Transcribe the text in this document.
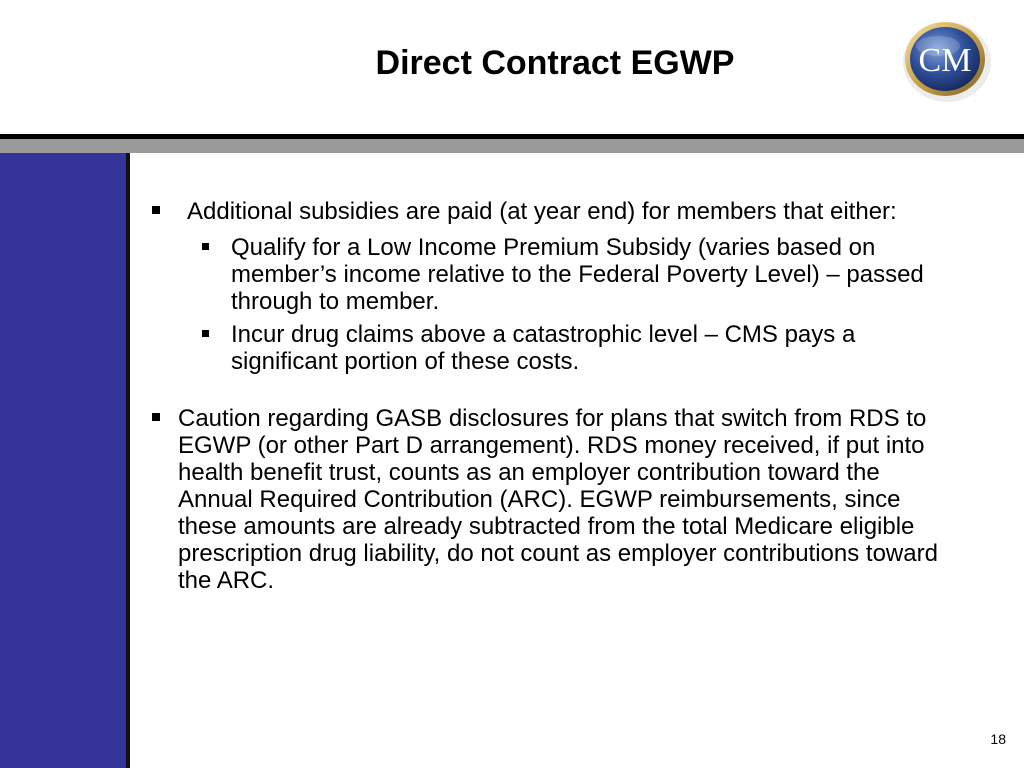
Direct Contract EGWP	CM
Additional subsidies are paid (at year end) for members that either:
Qualify for a Low Income Premium Subsidy (varies based on member’s income relative to the Federal Poverty Level) – passed through to member.
Incur drug claims above a catastrophic level – CMS pays a significant portion of these costs.
Caution regarding GASB disclosures for plans that switch from RDS to EGWP (or other Part D arrangement). RDS money received, if put into health benefit trust, counts as an employer contribution toward the Annual Required Contribution (ARC). EGWP reimbursements, since these amounts are already subtracted from the total Medicare eligible prescription drug liability, do not count as employer contributions toward the ARC.
18
